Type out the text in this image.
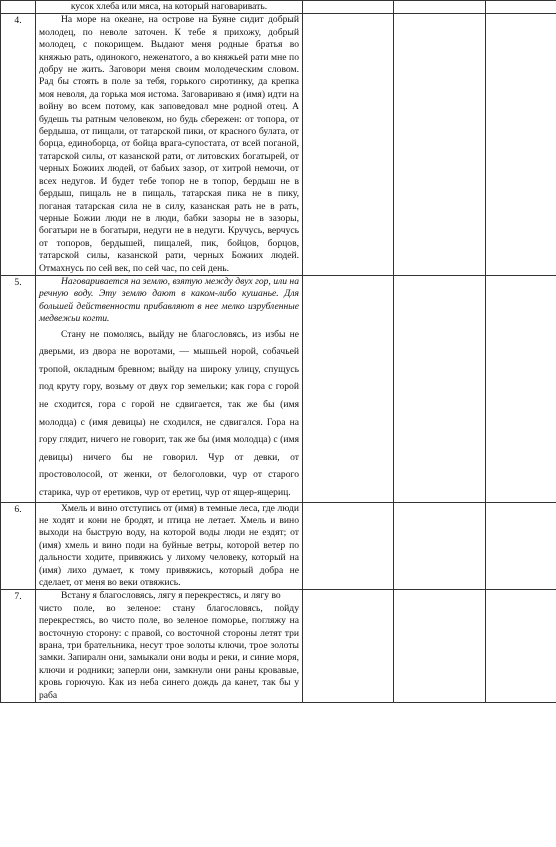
	кусок хлеба или мяса, на который наговаривать.			

4.	На море на океане, на острове на Буяне сидит добрый молодец, по неволе заточен. К тебе я прихожу, добрый молодец, с покорищем. Выдают меня родные братья во княжью рать, одинокого, неженатого, а во княжьей рати мне по добру не жить. Заговори меня своим молодеческим словом. Рад бы стоять в поле за тебя, горького сиротинку, да крепка моя неволя, да горька моя истома. Заговариваю я (имя) идти на войну во всем потому, как заповедовал мне родной отец. А будешь ты ратным человеком, но будь сбережен: от топора, от бердыша, от пищали, от татарской пики, от красного булата, от борца, единоборца, от бойца врага-супостата, от всей поганой, татарской силы, от казанской рати, от литовских богатырей, от черных Божиих людей, от бабьих зазор, от хитрой немочи, от всех недугов. И будет тебе топор не в топор, бердыш не в бердыш, пищаль не в пищаль, татарская пика не в пику, поганая татарская сила не в силу, казанская рать не в рать, черные Божии люди не в люди, бабки зазоры не в зазоры, богатыри не в богатыри, недуги не в недуги. Кручусь, верчусь от топоров, бердышей, пищалей, пик, бойцов, борцов, татарской силы, казанской рати, черных Божиих людей. Отмахнусь по сей век, по сей час, по сей день.			

5.	Наговаривается на землю, взятую между двух гор, или на речную воду. Эту землю дают в каком-либо кушанье. Для большей действенности прибавляют в нее мелко изрубленные медвежьи когти.

Стану не помолясь, выйду не благословясь, из избы не дверьми, из двора не воротами, — мышьей норой, собачьей тропой, окладным бревном; выйду на широку улицу, спущусь под круту гору, возьму от двух гор земельки; как гора с горой не сходится, гора с горой не сдвигается, так же бы (имя молодца) с (имя девицы) не сходился, не сдвигался. Гора на гору глядит, ничего не говорит, так же бы (имя молодца) с (имя девицы) ничего бы не говорил. Чур от девки, от простоволосой, от женки, от белоголовки, чур от старого старика, чур от еретиков, чур от еретиц, чур от ящер-ящериц.			

6.	Хмель и вино отступись от (имя) в темные леса, где люди не ходят и кони не бродят, и птица не летает. Хмель и вино выходи на быструю воду, на которой воды люди не ездят; от (имя) хмель и вино поди на буйные ветры, которой ветер по дальности ходите, привяжись у лихому человеку, который на (имя) лихо думает, к тому привяжись, который добра не сделает, от меня во веки отвяжись.			

7.	Встану я благословясь, лягу я перекрестясь, и лягу во

чисто поле, во зеленое: стану благословясь, пойду перекрестясь, во чисто поле, во зеленое поморье, погляжу на восточную сторону: с правой, со восточной стороны летят три врана, три брательника, несут трое золоты ключи, трое золоты замки. Запиралн они, замыкали они воды и реки, и синие моря, ключи и родники; заперли они, замкнули они раны кровавые, кровь горючую. Как из неба синего дождь да канет, так бы у раба			
